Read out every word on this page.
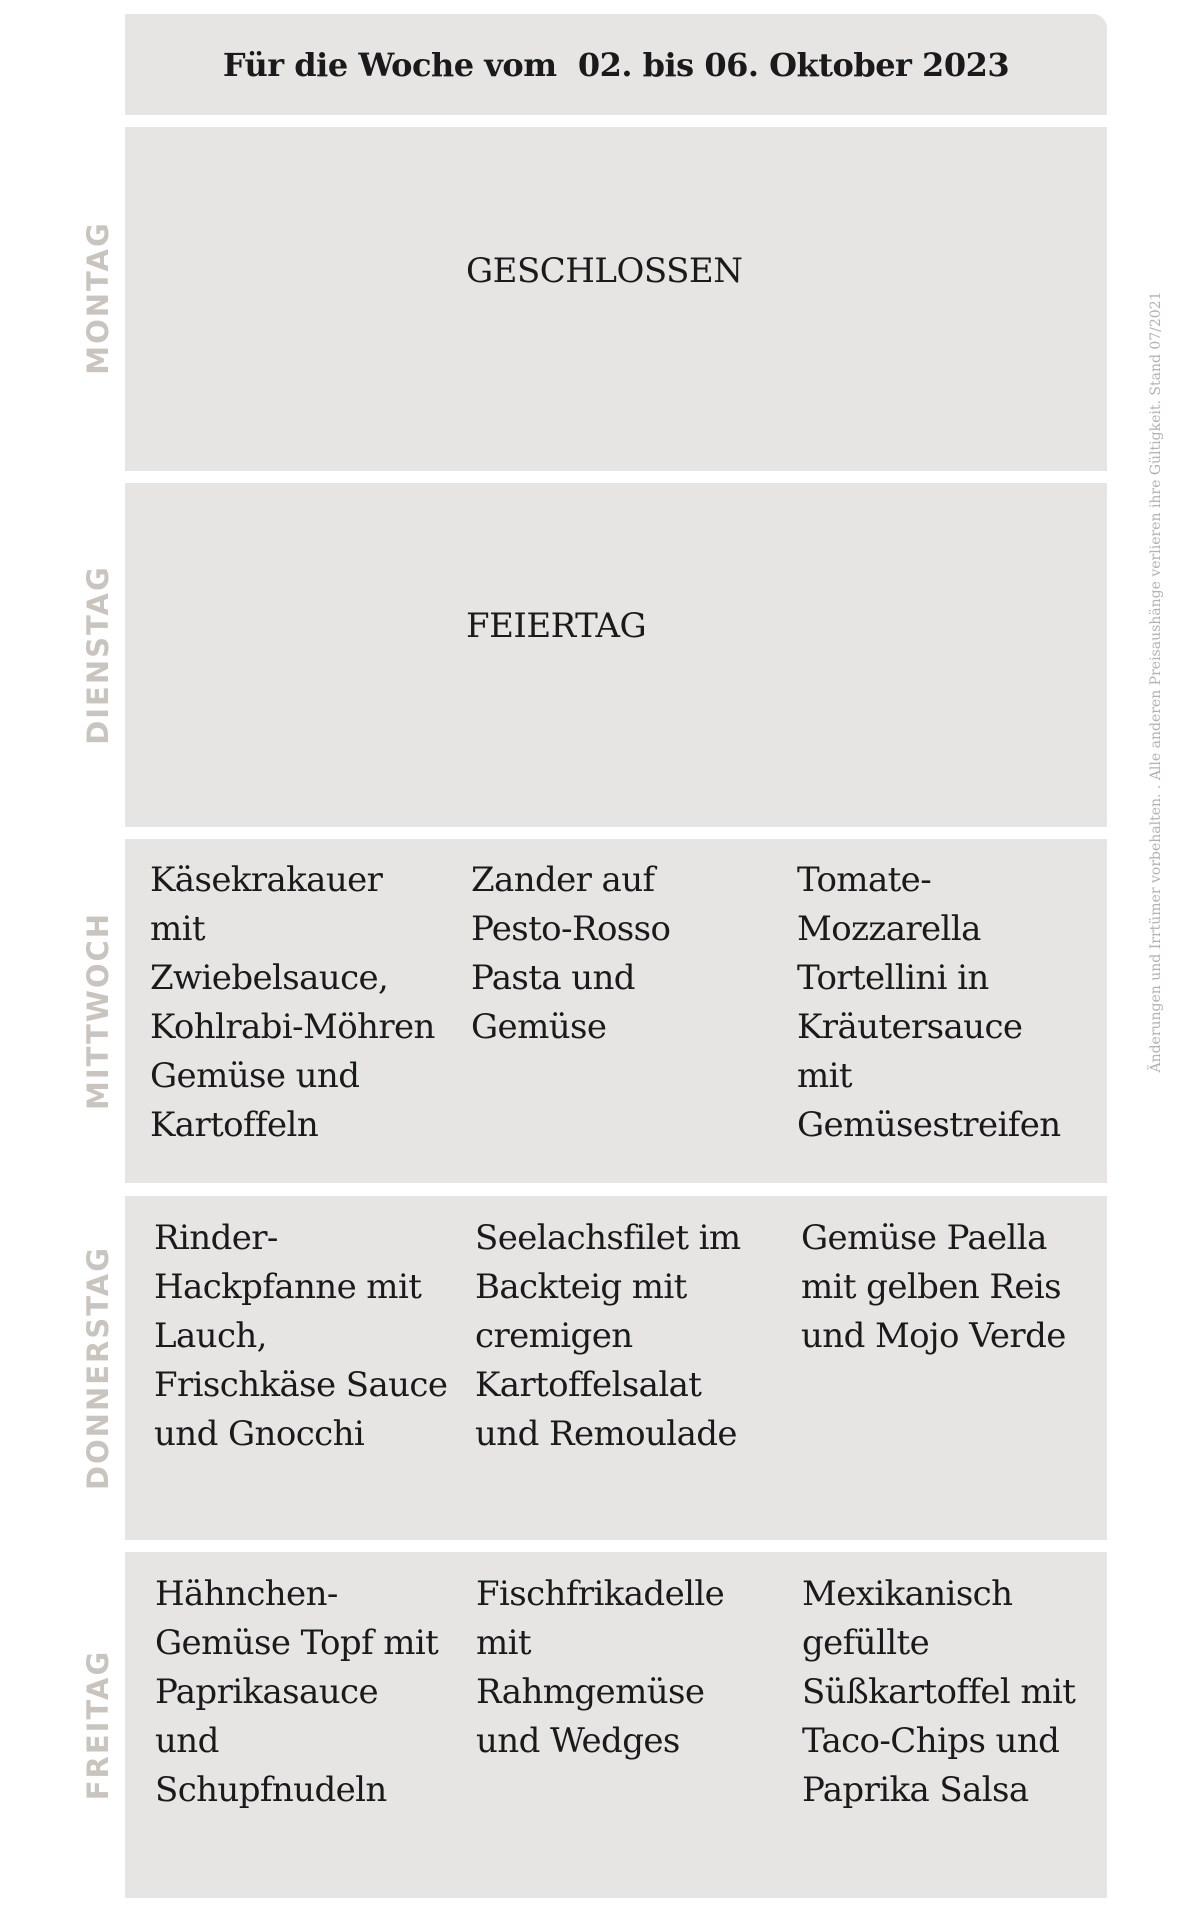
Für die Woche vom  02. bis 06. Oktober 2023
MONTAG	GESCHLOSSEN
DIENSTAG	FEIERTAG
MITTWOCH
Käsekrakauer
mit
Zwiebelsauce,
Kohlrabi-Möhren
Gemüse und
Kartoffeln
Zander auf
Pesto-Rosso
Pasta und
Gemüse
Tomate-
Mozzarella
Tortellini in
Kräutersauce
mit
Gemüsestreifen
DONNERSTAG
Rinder-
Hackpfanne mit
Lauch,
Frischkäse Sauce
und Gnocchi
Seelachsfilet im
Backteig mit
cremigen
Kartoffelsalat
und Remoulade
Gemüse Paella
mit gelben Reis
und Mojo Verde
FREITAG
Hähnchen-
Gemüse Topf mit
Paprikasauce
und
Schupfnudeln
Fischfrikadelle
mit
Rahmgemüse
und Wedges
Mexikanisch
gefüllte
Süßkartoffel mit
Taco-Chips und
Paprika Salsa
Änderungen und Irrtümer vorbehalten. . Alle anderen Preisaushänge verlieren ihre Gültigkeit. Stand 07/2021
